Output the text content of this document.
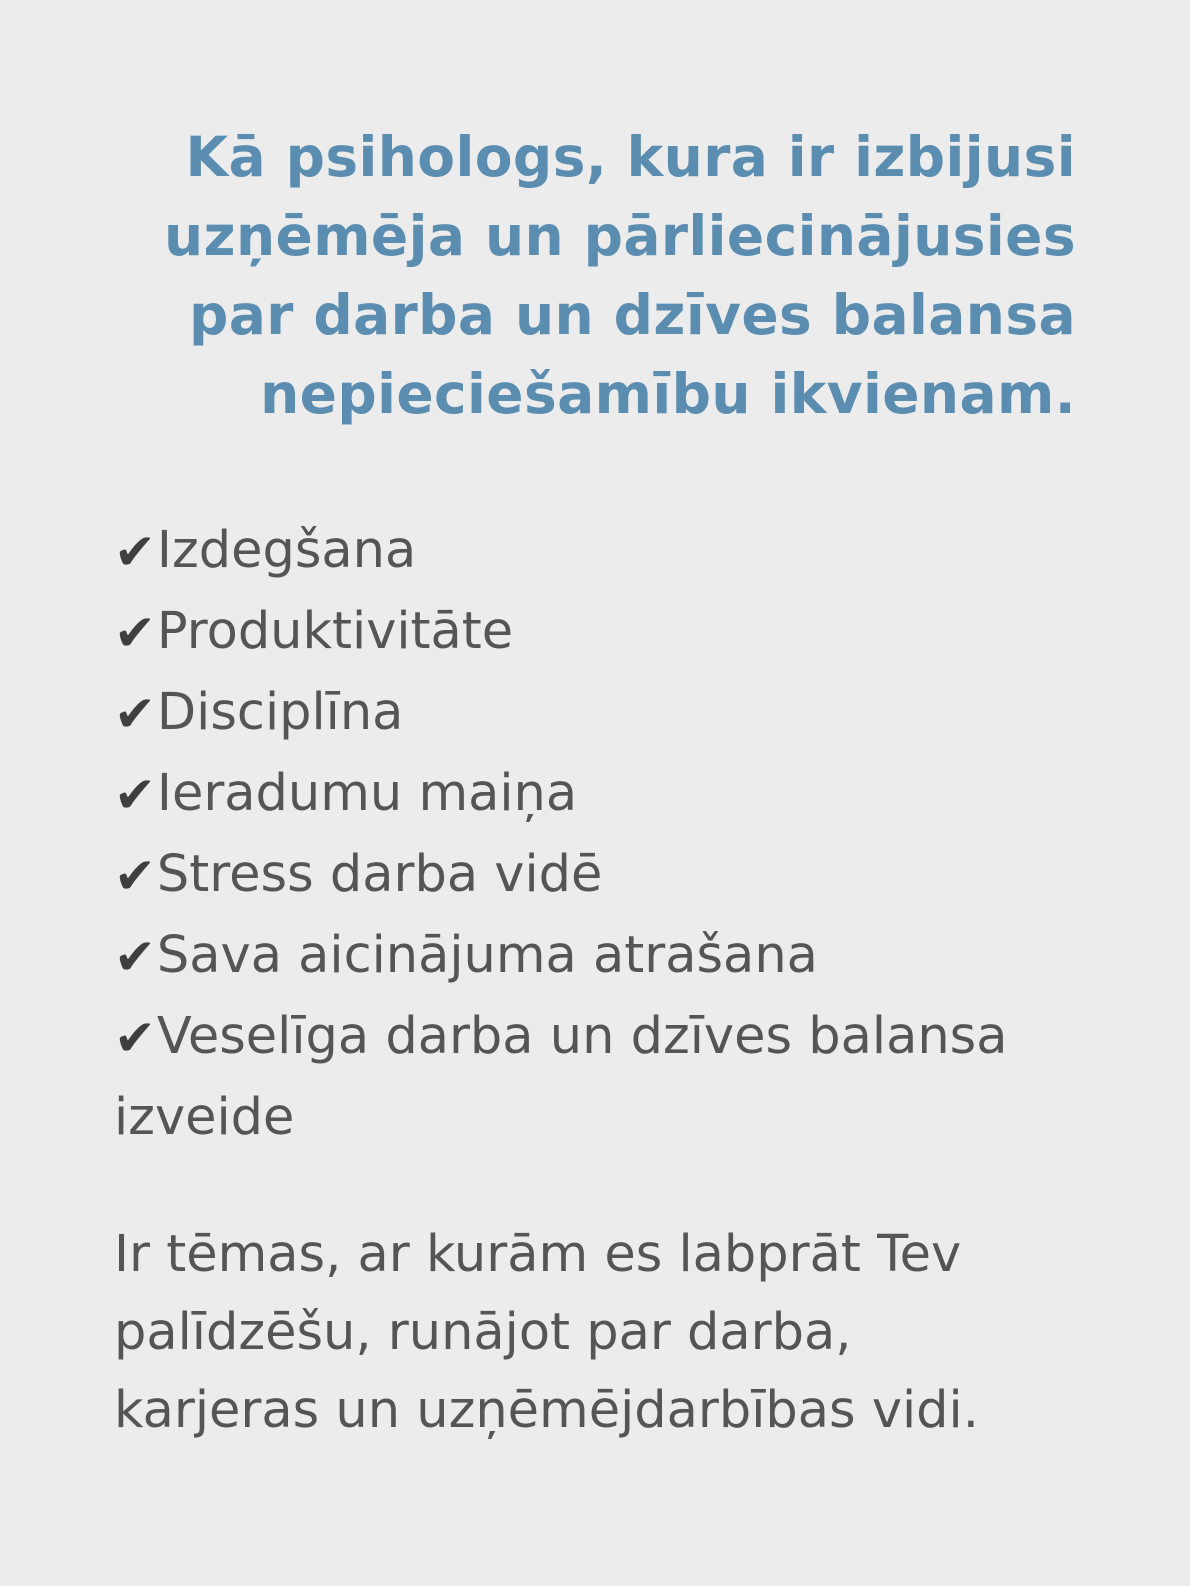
Kā psihologs, kura ir izbijusi
uzņēmēja un pārliecinājusies
par darba un dzīves balansa
nepieciešamību ikvienam.
✔Izdegšana
✔Produktivitāte
✔Disciplīna
✔Ieradumu maiņa
✔Stress darba vidē
✔Sava aicinājuma atrašana
✔Veselīga darba un dzīves balansa izveide

Ir tēmas, ar kurām es labprāt Tev
palīdzēšu, runājot par darba,
karjeras un uzņēmējdarbības vidi.
